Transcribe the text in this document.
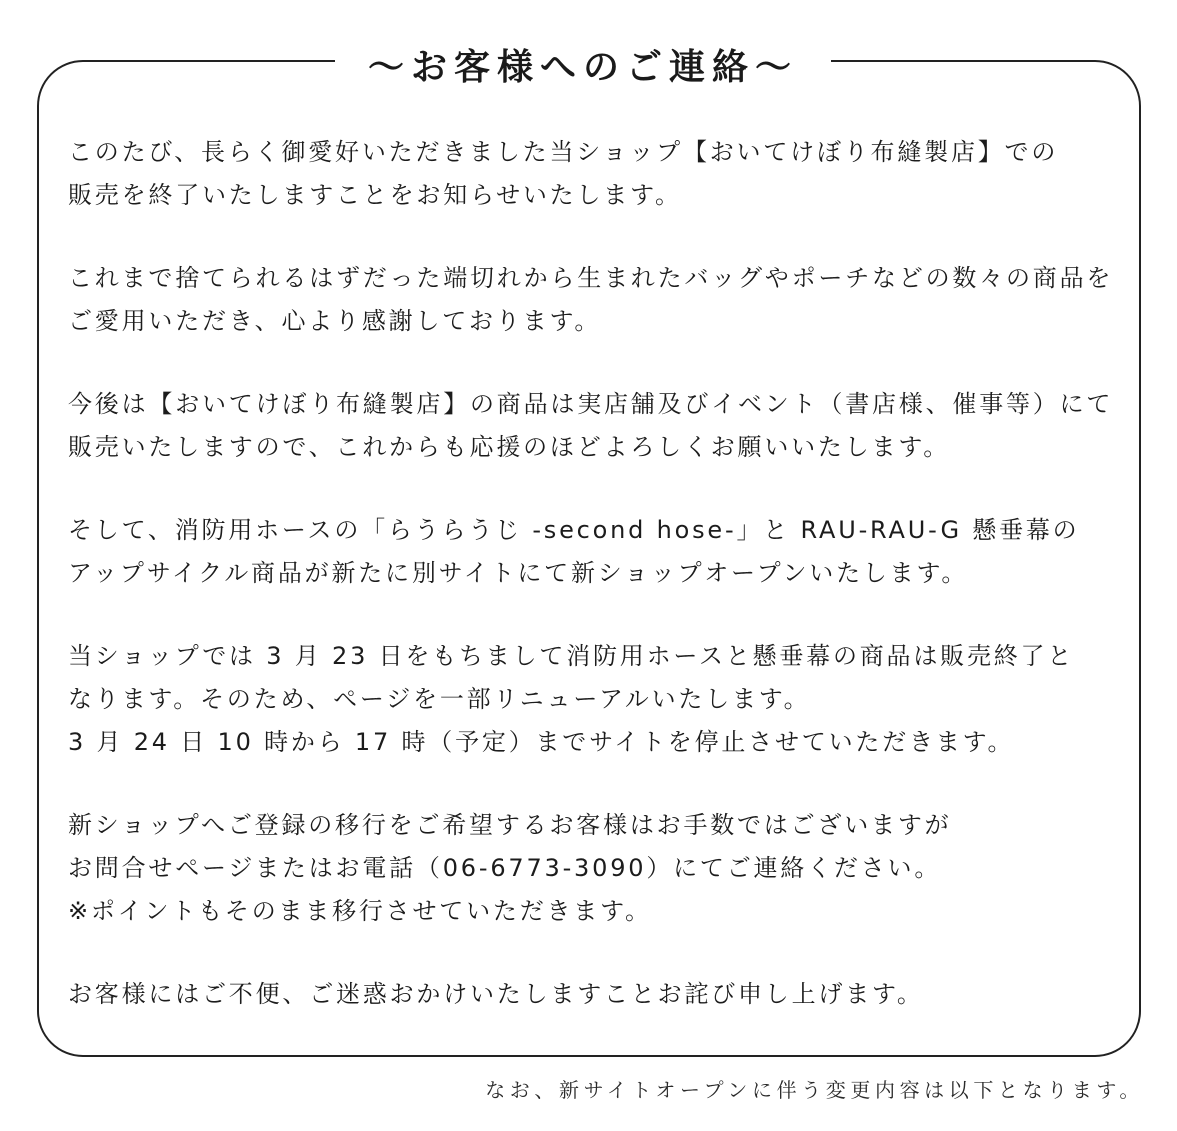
～お客様へのご連絡～
このたび、長らく御愛好いただきました当ショップ【おいてけぼり布縫製店】での
販売を終了いたしますことをお知らせいたします。
これまで捨てられるはずだった端切れから生まれたバッグやポーチなどの数々の商品を
ご愛用いただき、心より感謝しております。
今後は【おいてけぼり布縫製店】の商品は実店舗及びイベント（書店様、催事等）にて
販売いたしますので、これからも応援のほどよろしくお願いいたします。
そして、消防用ホースの「らうらうじ -second hose-」と RAU-RAU-G 懸垂幕の
アップサイクル商品が新たに別サイトにて新ショップオープンいたします。
当ショップでは 3 月 23 日をもちまして消防用ホースと懸垂幕の商品は販売終了と
なります。そのため、ページを一部リニューアルいたします。
3 月 24 日 10 時から 17 時（予定）までサイトを停止させていただきます。
新ショップへご登録の移行をご希望するお客様はお手数ではございますが
お問合せページまたはお電話（06-6773-3090）にてご連絡ください。
※ポイントもそのまま移行させていただきます。
お客様にはご不便、ご迷惑おかけいたしますことお詫び申し上げます。
なお、新サイトオープンに伴う変更内容は以下となります。
